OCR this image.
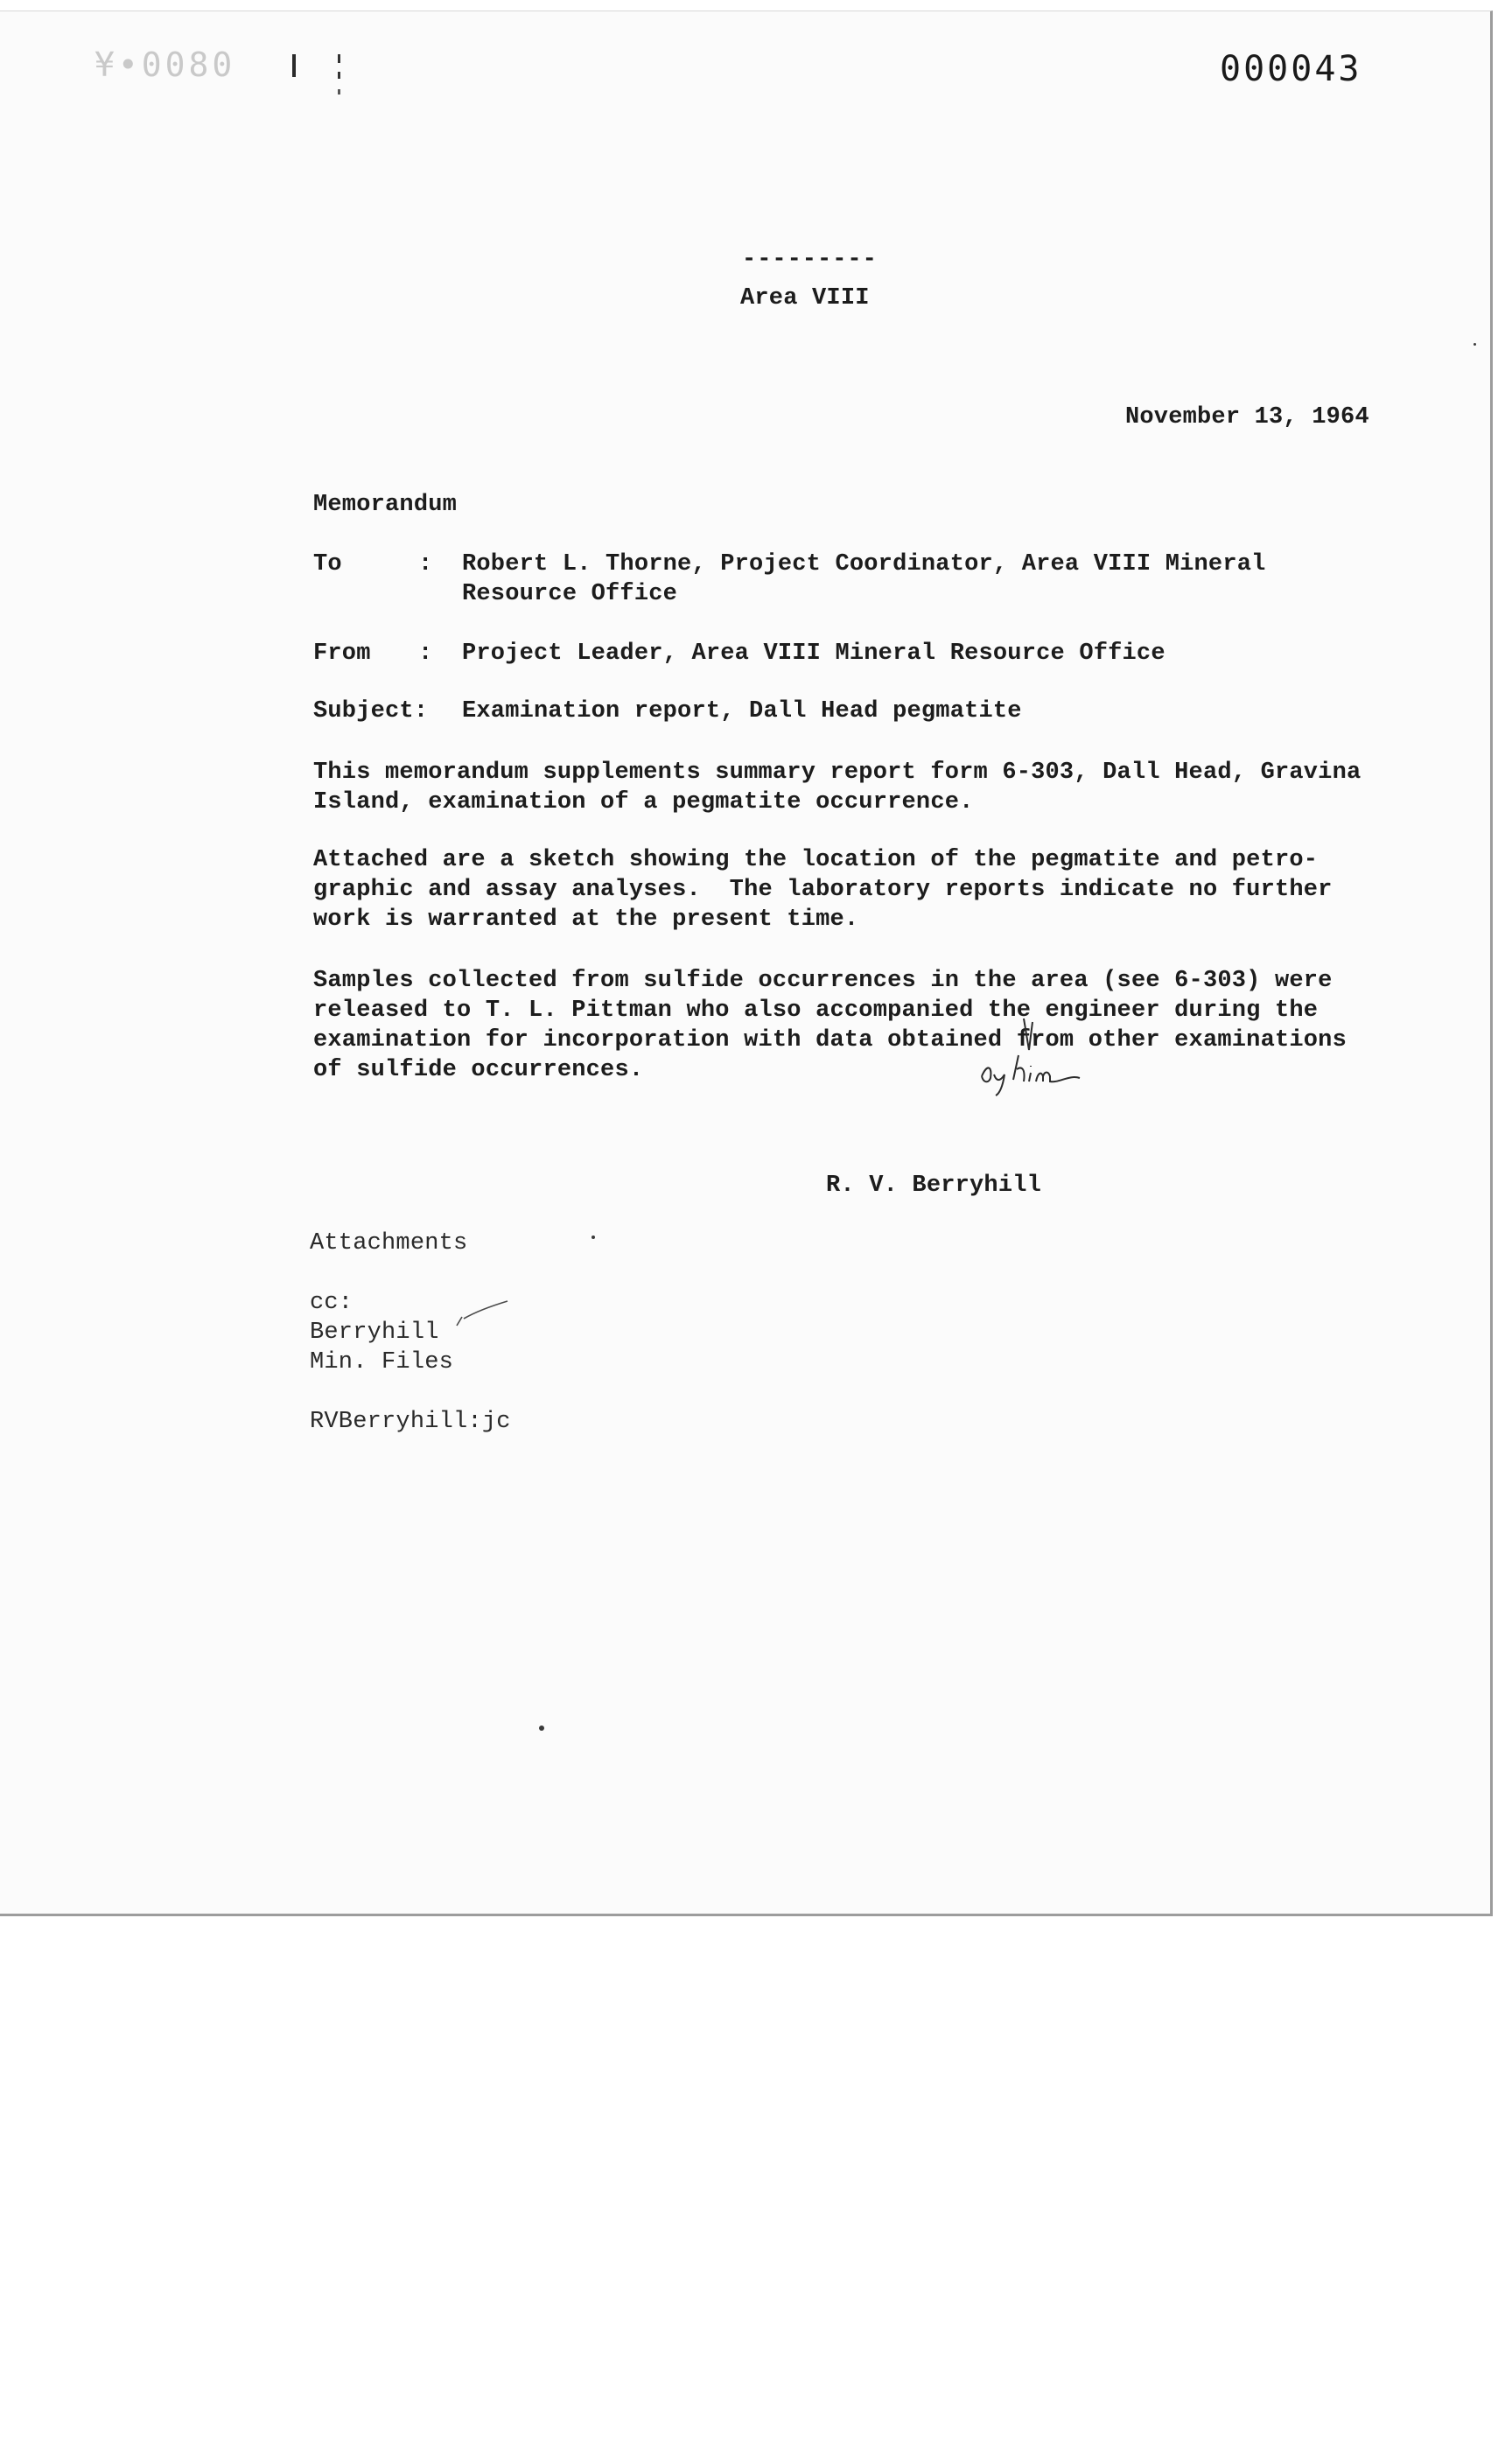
¥•0080	000043
---------
Area VIII
November 13, 1964
Memorandum
To	: Robert L. Thorne, Project Coordinator, Area VIII Mineral
Resource Office
From : Project Leader, Area VIII Mineral Resource Office
Subject: Examination report, Dall Head pegmatite
This memorandum supplements summary report form 6-303, Dall Head, Gravina
Island, examination of a pegmatite occurrence.
Attached are a sketch showing the location of the pegmatite and petro-
graphic and assay analyses.  The laboratory reports indicate no further
work is warranted at the present time.
Samples collected from sulfide occurrences in the area (see 6-303) were
released to T. L. Pittman who also accompanied the engineer during the
examination for incorporation with data obtained from other examinations
of sulfide occurrences.
R. V. Berryhill
Attachments
cc:
Berryhill
Min. Files
RVBerryhill:jc
